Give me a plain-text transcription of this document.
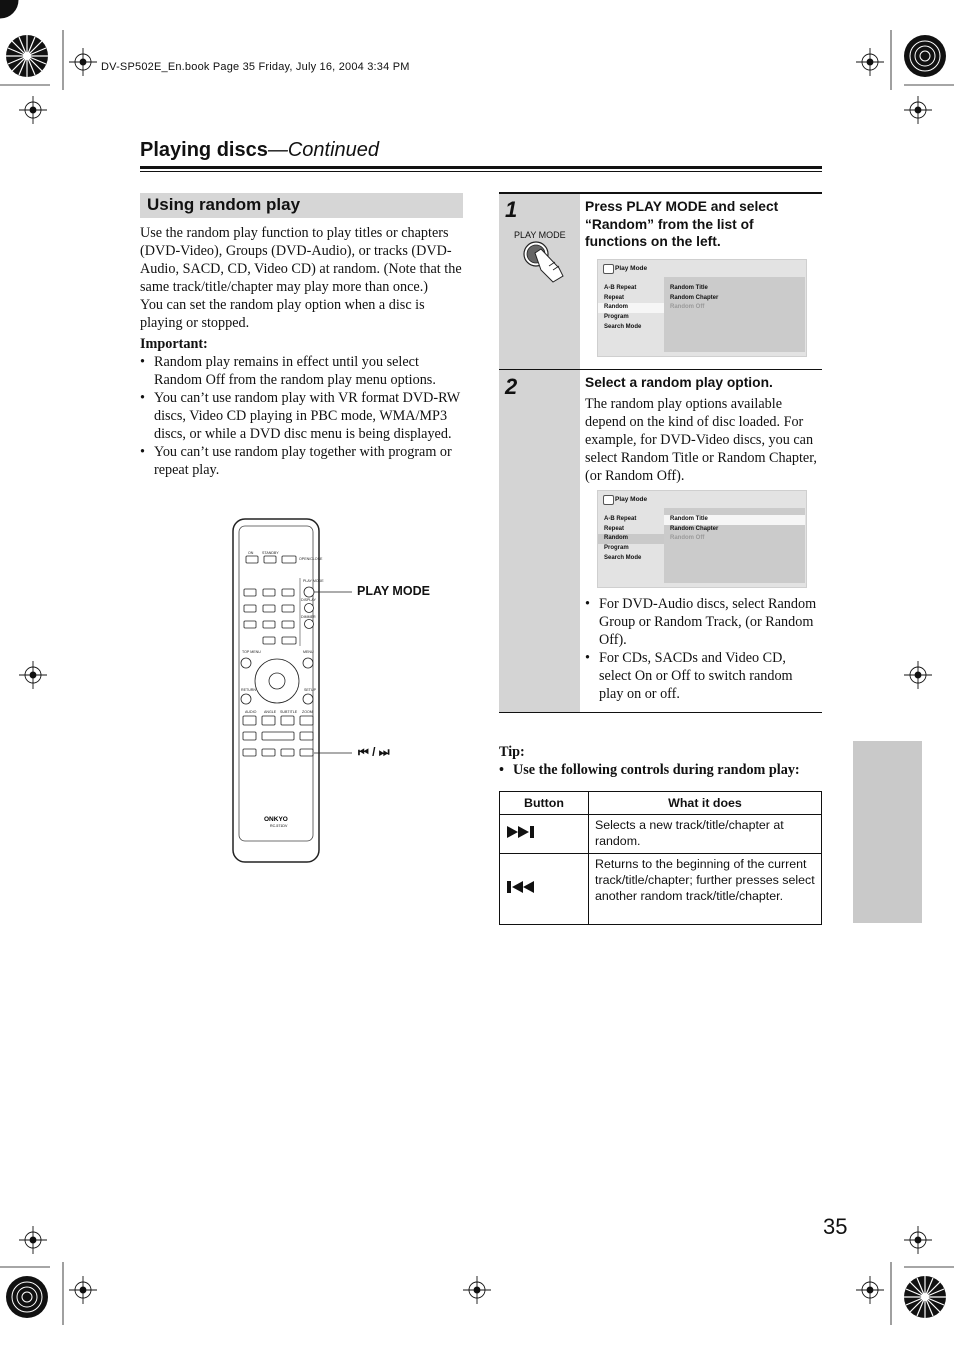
DV-SP502E_En.book Page 35 Friday, July 16, 2004 3:34 PM
Playing discs—Continued
Using random play
Use the random play function to play titles or chapters (DVD-Video), Groups (DVD-Audio), or tracks (DVD-Audio, SACD, CD, Video CD) at random. (Note that the same track/title/chapter may play more than once.)
You can set the random play option when a disc is playing or stopped.
Important:
• Random play remains in effect until you select Random Off from the random play menu options.
• You can’t use random play with VR format DVD-RW discs, Video CD playing in PBC mode, WMA/MP3 discs, or while a DVD disc menu is being displayed.
• You can’t use random play together with program or repeat play.
ON STANDBY
OPEN/CLOSE
PLAY MODE
DISPLAY
DIMMER
TOP MENU	MENU
RETURN	SETUP
AUDIO ANGLE SUBTITLE ZOOM
ONKYO
RC-571DV
PLAY MODE
⏮ / ⏭
1
PLAY MODE
Press PLAY MODE and select “Random” from the list of functions on the left.
Play Mode
A-B Repeat
Repeat
Random
Program
Search Mode
Random Title
Random Chapter
Random Off
2	Select a random play option.
The random play options available depend on the kind of disc loaded. For example, for DVD-Video discs, you can select Random Title or Random Chapter, (or Random Off).
Play Mode
A-B Repeat
Repeat
Random
Program
Search Mode
Random Title
Random Chapter
Random Off
• For DVD-Audio discs, select Random Group or Random Track, (or Random Off).
• For CDs, SACDs and Video CD, select On or Off to switch random play on or off.
Tip:
• Use the following controls during random play:
Button	What it does
	Selects a new track/title/chapter at random.
	Returns to the beginning of the current track/title/chapter; further presses select another random track/title/chapter.
35
